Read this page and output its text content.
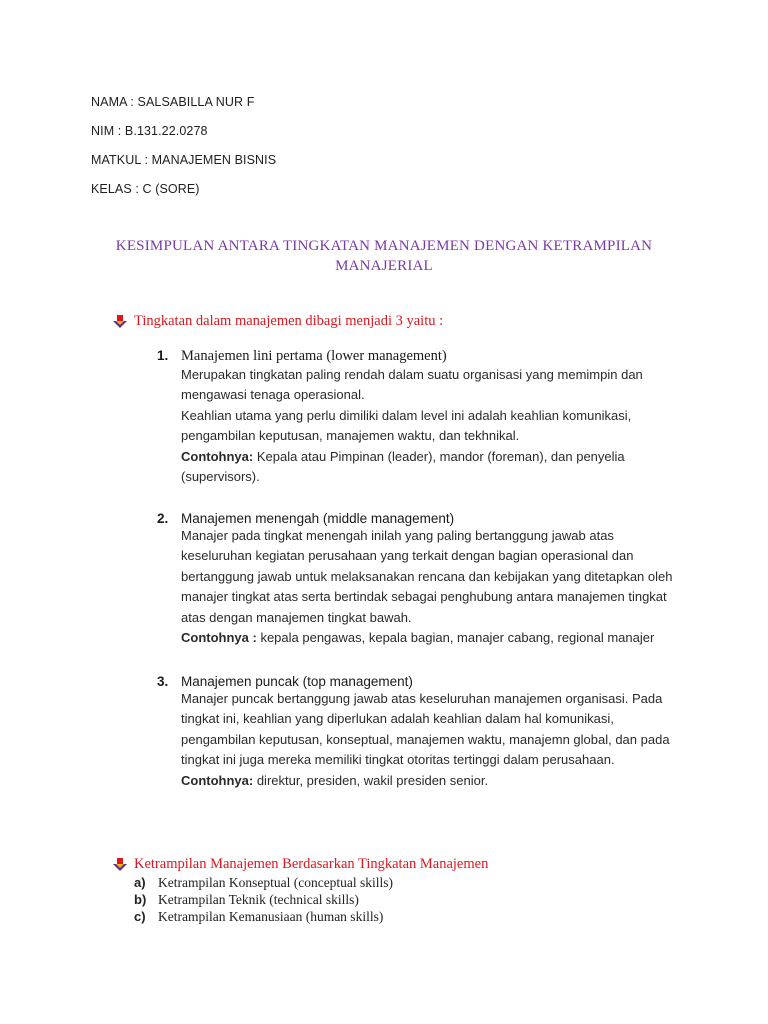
NAMA : SALSABILLA NUR F
NIM : B.131.22.0278
MATKUL : MANAJEMEN BISNIS
KELAS : C (SORE)
KESIMPULAN ANTARA TINGKATAN MANAJEMEN DENGAN KETRAMPILAN
MANAJERIAL
Tingkatan dalam manajemen dibagi menjadi 3 yaitu :
1. Manajemen lini pertama (lower management)

Merupakan tingkatan paling rendah dalam suatu organisasi yang memimpin dan mengawasi tenaga operasional.

Keahlian utama yang perlu dimiliki dalam level ini adalah keahlian komunikasi, pengambilan keputusan, manajemen waktu, dan tekhnikal.

Contohnya: Kepala atau Pimpinan (leader), mandor (foreman), dan penyelia (supervisors).

2. Manajemen menengah (middle management)

Manajer pada tingkat menengah inilah yang paling bertanggung jawab atas keseluruhan kegiatan perusahaan yang terkait dengan bagian operasional dan bertanggung jawab untuk melaksanakan rencana dan kebijakan yang ditetapkan oleh manajer tingkat atas serta bertindak sebagai penghubung antara manajemen tingkat atas dengan manajemen tingkat bawah.

Contohnya : kepala pengawas, kepala bagian, manajer cabang, regional manajer

3. Manajemen puncak (top management)

Manajer puncak bertanggung jawab atas keseluruhan manajemen organisasi. Pada tingkat ini, keahlian yang diperlukan adalah keahlian dalam hal komunikasi, pengambilan keputusan, konseptual, manajemen waktu, manajemn global, dan pada tingkat ini juga mereka memiliki tingkat otoritas tertinggi dalam perusahaan.

Contohnya: direktur, presiden, wakil presiden senior.

Ketrampilan Manajemen Berdasarkan Tingkatan Manajemen
a) Ketrampilan Konseptual (conceptual skills)
b) Ketrampilan Teknik (technical skills)
c) Ketrampilan Kemanusiaan (human skills)
